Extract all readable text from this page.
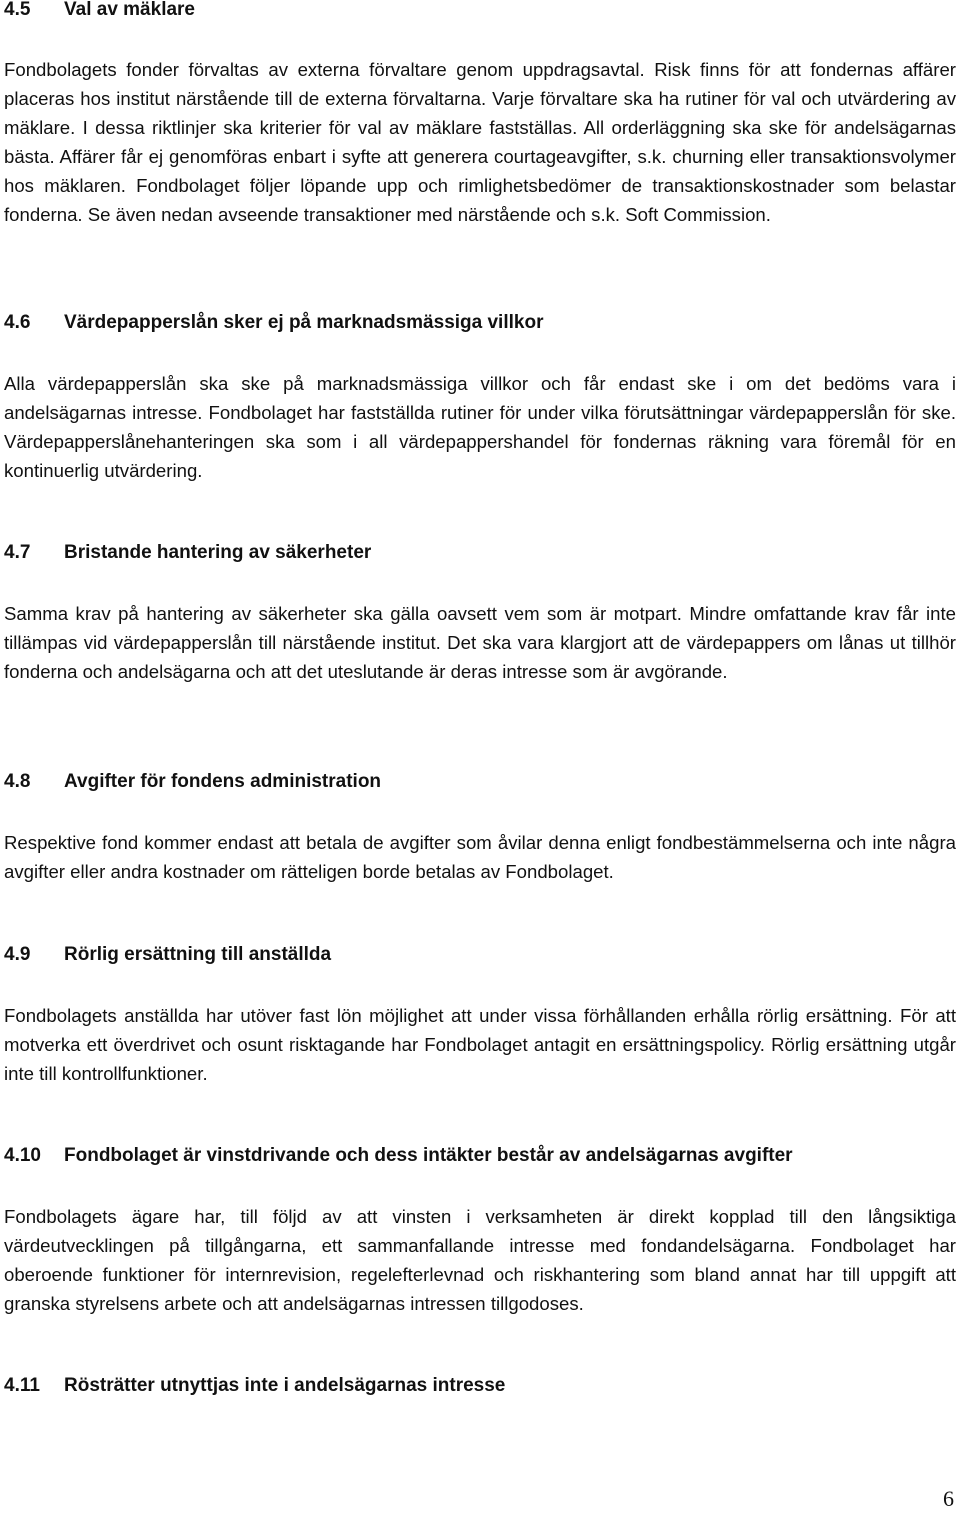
4.5 Val av mäklare

Fondbolagets fonder förvaltas av externa förvaltare genom uppdragsavtal. Risk finns för att fondernas affärer placeras hos institut närstående till de externa förvaltarna. Varje förvaltare ska ha rutiner för val och utvärdering av mäklare. I dessa riktlinjer ska kriterier för val av mäklare fastställas. All orderläggning ska ske för andelsägarnas bästa. Affärer får ej genomföras enbart i syfte att generera courtageavgifter, s.k. churning eller transaktionsvolymer hos mäklaren. Fondbolaget följer löpande upp och rimlighetsbedömer de transaktionskostnader som belastar fonderna. Se även nedan avseende transaktioner med närstående och s.k. Soft Commission.

4.6 Värdepapperslån sker ej på marknadsmässiga villkor

Alla värdepapperslån ska ske på marknadsmässiga villkor och får endast ske i om det bedöms vara i andelsägarnas intresse. Fondbolaget har fastställda rutiner för under vilka förutsättningar värdepapperslån för ske. Värdepapperslånehanteringen ska som i all värdepappershandel för fondernas räkning vara föremål för en kontinuerlig utvärdering.

4.7 Bristande hantering av säkerheter

Samma krav på hantering av säkerheter ska gälla oavsett vem som är motpart. Mindre omfattande krav får inte tillämpas vid värdepapperslån till närstående institut. Det ska vara klargjort att de värdepappers om lånas ut tillhör fonderna och andelsägarna och att det uteslutande är deras intresse som är avgörande.

4.8 Avgifter för fondens administration

Respektive fond kommer endast att betala de avgifter som åvilar denna enligt fondbestämmelserna och inte några avgifter eller andra kostnader om rätteligen borde betalas av Fondbolaget.

4.9 Rörlig ersättning till anställda

Fondbolagets anställda har utöver fast lön möjlighet att under vissa förhållanden erhålla rörlig ersättning. För att motverka ett överdrivet och osunt risktagande har Fondbolaget antagit en ersättningspolicy. Rörlig ersättning utgår inte till kontrollfunktioner.

4.10 Fondbolaget är vinstdrivande och dess intäkter består av andelsägarnas avgifter

Fondbolagets ägare har, till följd av att vinsten i verksamheten är direkt kopplad till den långsiktiga värdeutvecklingen på tillgångarna, ett sammanfallande intresse med fondandelsägarna. Fondbolaget har oberoende funktioner för internrevision, regelefterlevnad och riskhantering som bland annat har till uppgift att granska styrelsens arbete och att andelsägarnas intressen tillgodoses.

4.11 Rösträtter utnyttjas inte i andelsägarnas intresse
6
